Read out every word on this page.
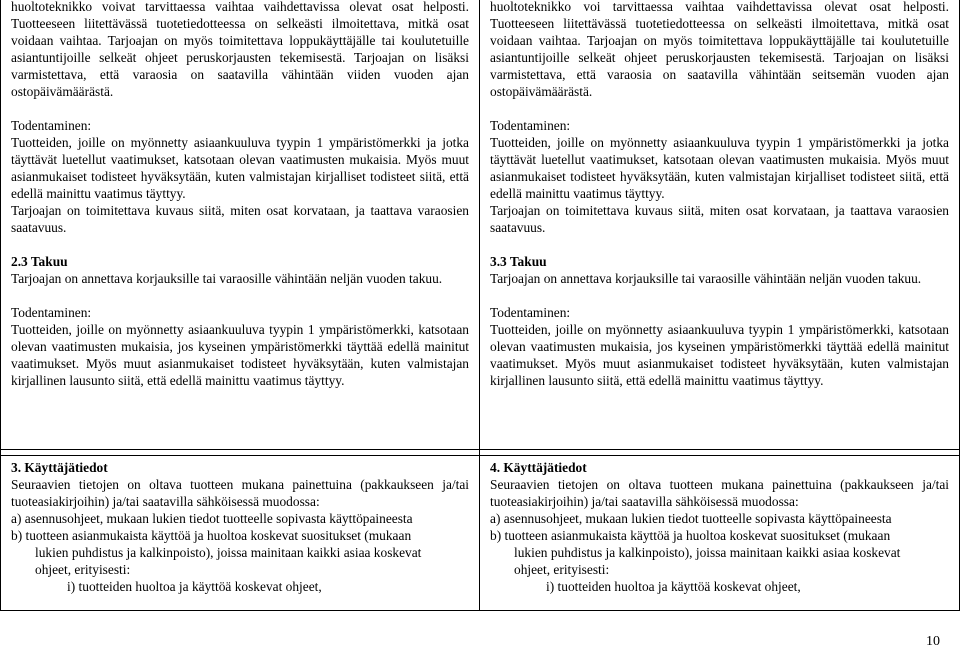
huoltoteknikko voivat tarvittaessa vaihtaa vaihdettavissa olevat osat helposti. Tuotteeseen liitettävässä tuotetiedotteessa on selkeästi ilmoitettava, mitkä osat voidaan vaihtaa. Tarjoajan on myös toimitettava loppukäyttäjälle tai koulutetuille asiantuntijoille selkeät ohjeet peruskorjausten tekemisestä. Tarjoajan on lisäksi varmistettava, että varaosia on saatavilla vähintään viiden vuoden ajan ostopäivämäärästä.

Todentaminen:

Tuotteiden, joille on myönnetty asiaankuuluva tyypin 1 ympäristömerkki ja jotka täyttävät luetellut vaatimukset, katsotaan olevan vaatimusten mukaisia. Myös muut asianmukaiset todisteet hyväksytään, kuten valmistajan kirjalliset todisteet siitä, että edellä mainittu vaatimus täyttyy.

Tarjoajan on toimitettava kuvaus siitä, miten osat korvataan, ja taattava varaosien saatavuus.

2.3 Takuu

Tarjoajan on annettava korjauksille tai varaosille vähintään neljän vuoden takuu.

Todentaminen:

Tuotteiden, joille on myönnetty asiaankuuluva tyypin 1 ympäristömerkki, katsotaan olevan vaatimusten mukaisia, jos kyseinen ympäristömerkki täyttää edellä mainitut vaatimukset. Myös muut asianmukaiset todisteet hyväksytään, kuten valmistajan kirjallinen lausunto siitä, että edellä mainittu vaatimus täyttyy.

huoltoteknikko voi tarvittaessa vaihtaa vaihdettavissa olevat osat helposti. Tuotteeseen liitettävässä tuotetiedotteessa on selkeästi ilmoitettava, mitkä osat voidaan vaihtaa. Tarjoajan on myös toimitettava loppukäyttäjälle tai koulutetuille asiantuntijoille selkeät ohjeet peruskorjausten tekemisestä. Tarjoajan on lisäksi varmistettava, että varaosia on saatavilla vähintään seitsemän vuoden ajan ostopäivämäärästä.

Todentaminen:

Tuotteiden, joille on myönnetty asiaankuuluva tyypin 1 ympäristömerkki ja jotka täyttävät luetellut vaatimukset, katsotaan olevan vaatimusten mukaisia. Myös muut asianmukaiset todisteet hyväksytään, kuten valmistajan kirjalliset todisteet siitä, että edellä mainittu vaatimus täyttyy.

Tarjoajan on toimitettava kuvaus siitä, miten osat korvataan, ja taattava varaosien saatavuus.

3.3 Takuu

Tarjoajan on annettava korjauksille tai varaosille vähintään neljän vuoden takuu.

Todentaminen:

Tuotteiden, joille on myönnetty asiaankuuluva tyypin 1 ympäristömerkki, katsotaan olevan vaatimusten mukaisia, jos kyseinen ympäristömerkki täyttää edellä mainitut vaatimukset. Myös muut asianmukaiset todisteet hyväksytään, kuten valmistajan kirjallinen lausunto siitä, että edellä mainittu vaatimus täyttyy.

3. Käyttäjätiedot

Seuraavien tietojen on oltava tuotteen mukana painettuina (pakkaukseen ja/tai tuoteasiakirjoihin) ja/tai saatavilla sähköisessä muodossa:

a) asennusohjeet, mukaan lukien tiedot tuotteelle sopivasta käyttöpaineesta

b) tuotteen asianmukaista käyttöä ja huoltoa koskevat suositukset (mukaan
lukien puhdistus ja kalkinpoisto), joissa mainitaan kaikki asiaa koskevat
ohjeet, erityisesti:

i) tuotteiden huoltoa ja käyttöä koskevat ohjeet,

4. Käyttäjätiedot

Seuraavien tietojen on oltava tuotteen mukana painettuina (pakkaukseen ja/tai tuoteasiakirjoihin) ja/tai saatavilla sähköisessä muodossa:

a) asennusohjeet, mukaan lukien tiedot tuotteelle sopivasta käyttöpaineesta

b) tuotteen asianmukaista käyttöä ja huoltoa koskevat suositukset (mukaan
lukien puhdistus ja kalkinpoisto), joissa mainitaan kaikki asiaa koskevat
ohjeet, erityisesti:

i) tuotteiden huoltoa ja käyttöä koskevat ohjeet,

10
